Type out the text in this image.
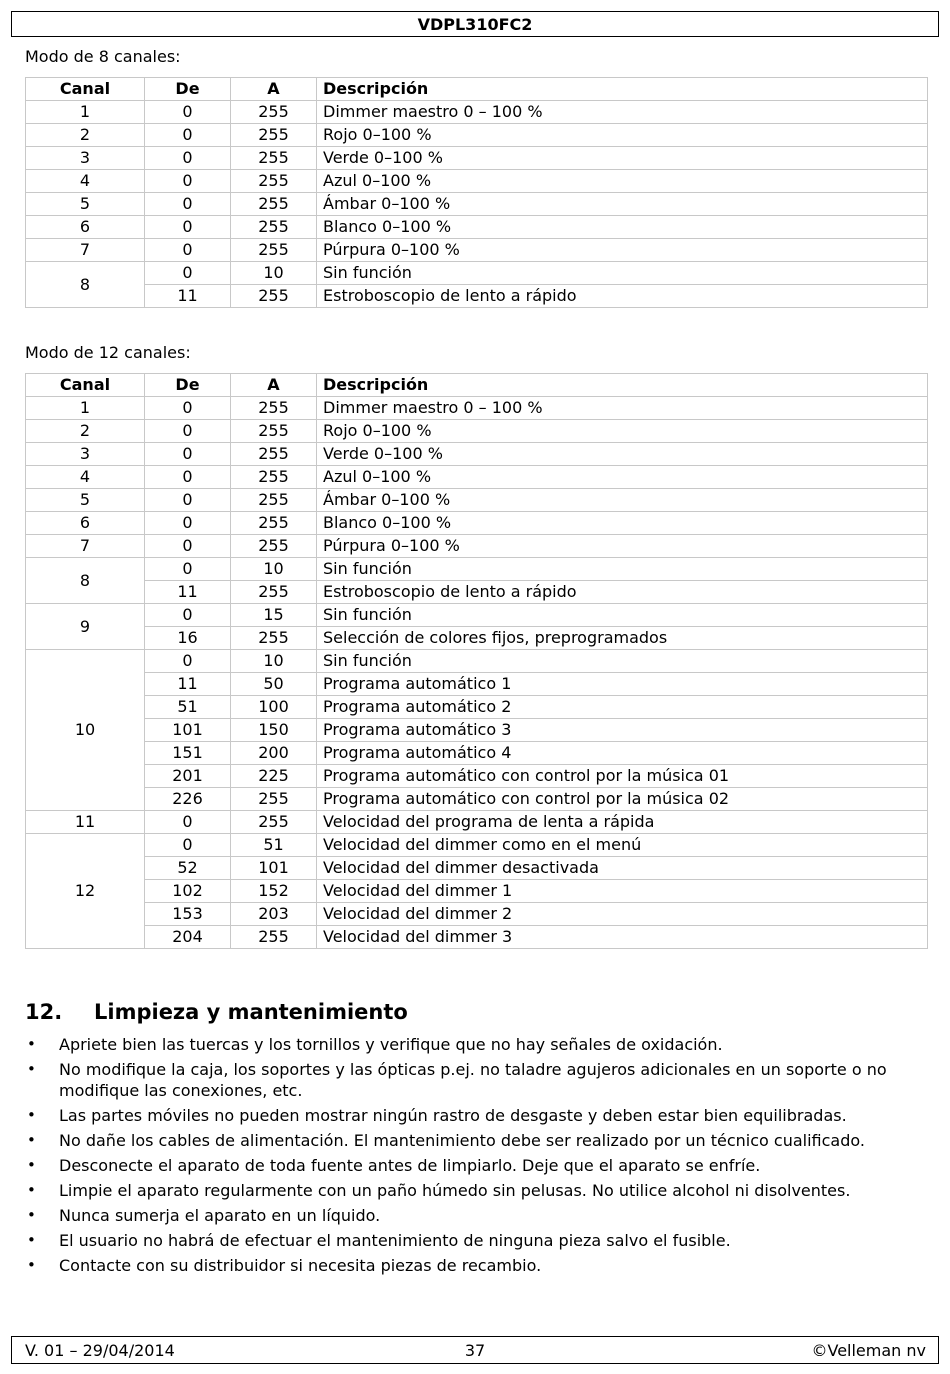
VDPL310FC2
Modo de 8 canales:
Canal	De	A	Descripción
1	0	255	Dimmer maestro 0 – 100 %
2	0	255	Rojo 0–100 %
3	0	255	Verde 0–100 %
4	0	255	Azul 0–100 %
5	0	255	Ámbar 0–100 %
6	0	255	Blanco 0–100 %
7	0	255	Púrpura 0–100 %
8	0	10	Sin función
	11	255	Estroboscopio de lento a rápido
Modo de 12 canales:
Canal	De	A	Descripción
1	0	255	Dimmer maestro 0 – 100 %
2	0	255	Rojo 0–100 %
3	0	255	Verde 0–100 %
4	0	255	Azul 0–100 %
5	0	255	Ámbar 0–100 %
6	0	255	Blanco 0–100 %
7	0	255	Púrpura 0–100 %
8	0	10	Sin función
	11	255	Estroboscopio de lento a rápido
9	0	15	Sin función
	16	255	Selección de colores fijos, preprogramados
10	0	10	Sin función
	11	50	Programa automático 1
	51	100	Programa automático 2
	101	150	Programa automático 3
	151	200	Programa automático 4
	201	225	Programa automático con control por la música 01
	226	255	Programa automático con control por la música 02
11	0	255	Velocidad del programa de lenta a rápida
12	0	51	Velocidad del dimmer como en el menú
	52	101	Velocidad del dimmer desactivada
	102	152	Velocidad del dimmer 1
	153	203	Velocidad del dimmer 2
	204	255	Velocidad del dimmer 3
12. Limpieza y mantenimiento
• Apriete bien las tuercas y los tornillos y verifique que no hay señales de oxidación.
• No modifique la caja, los soportes y las ópticas p.ej. no taladre agujeros adicionales en un soporte o no modifique las conexiones, etc.
• Las partes móviles no pueden mostrar ningún rastro de desgaste y deben estar bien equilibradas.
• No dañe los cables de alimentación. El mantenimiento debe ser realizado por un técnico cualificado.
• Desconecte el aparato de toda fuente antes de limpiarlo. Deje que el aparato se enfríe.
• Limpie el aparato regularmente con un paño húmedo sin pelusas. No utilice alcohol ni disolventes.
• Nunca sumerja el aparato en un líquido.
• El usuario no habrá de efectuar el mantenimiento de ninguna pieza salvo el fusible.
• Contacte con su distribuidor si necesita piezas de recambio.
V. 01 – 29/04/2014	37	©Velleman nv
